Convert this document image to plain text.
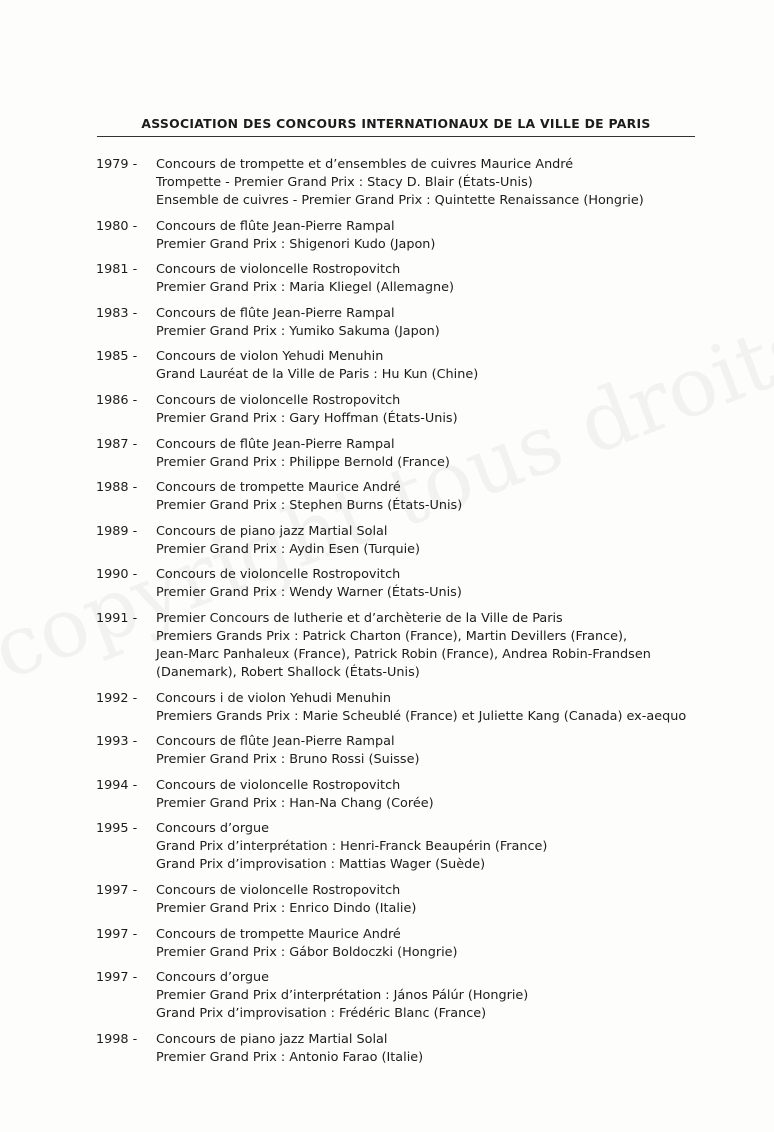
ASSOCIATION DES CONCOURS INTERNATIONAUX DE LA VILLE DE PARIS
1979 -	Concours de trompette et d’ensembles de cuivres Maurice André
Trompette - Premier Grand Prix : Stacy D. Blair (États-Unis)
Ensemble de cuivres - Premier Grand Prix : Quintette Renaissance (Hongrie)
1980 -	Concours de flûte Jean-Pierre Rampal
Premier Grand Prix : Shigenori Kudo (Japon)
1981 -	Concours de violoncelle Rostropovitch
Premier Grand Prix : Maria Kliegel (Allemagne)
1983 -	Concours de flûte Jean-Pierre Rampal
Premier Grand Prix : Yumiko Sakuma (Japon)
1985 -	Concours de violon Yehudi Menuhin
Grand Lauréat de la Ville de Paris : Hu Kun (Chine)
1986 -	Concours de violoncelle Rostropovitch
Premier Grand Prix : Gary Hoffman (États-Unis)
1987 -	Concours de flûte Jean-Pierre Rampal
Premier Grand Prix : Philippe Bernold (France)
1988 -	Concours de trompette Maurice André
Premier Grand Prix : Stephen Burns (États-Unis)
1989 -	Concours de piano jazz Martial Solal
Premier Grand Prix : Aydin Esen (Turquie)
1990 -	Concours de violoncelle Rostropovitch
Premier Grand Prix : Wendy Warner (États-Unis)
1991 -	Premier Concours de lutherie et d’archèterie de la Ville de Paris
Premiers Grands Prix : Patrick Charton (France), Martin Devillers (France),
Jean-Marc Panhaleux (France), Patrick Robin (France), Andrea Robin-Frandsen
(Danemark), Robert Shallock (États-Unis)
1992 -	Concours i de violon Yehudi Menuhin
Premiers Grands Prix : Marie Scheublé (France) et Juliette Kang (Canada) ex-aequo
1993 -	Concours de flûte Jean-Pierre Rampal
Premier Grand Prix : Bruno Rossi (Suisse)
1994 -	Concours de violoncelle Rostropovitch
Premier Grand Prix : Han-Na Chang (Corée)
1995 -	Concours d’orgue
Grand Prix d’interprétation : Henri-Franck Beaupérin (France)
Grand Prix d’improvisation : Mattias Wager (Suède)
1997 -	Concours de violoncelle Rostropovitch
Premier Grand Prix : Enrico Dindo (Italie)
1997 -	Concours de trompette Maurice André
Premier Grand Prix : Gábor Boldoczki (Hongrie)
1997 -	Concours d’orgue
Premier Grand Prix d’interprétation : János Pálúr (Hongrie)
Grand Prix d’improvisation : Frédéric Blanc (France)
1998 -	Concours de piano jazz Martial Solal
Premier Grand Prix : Antonio Farao (Italie)
